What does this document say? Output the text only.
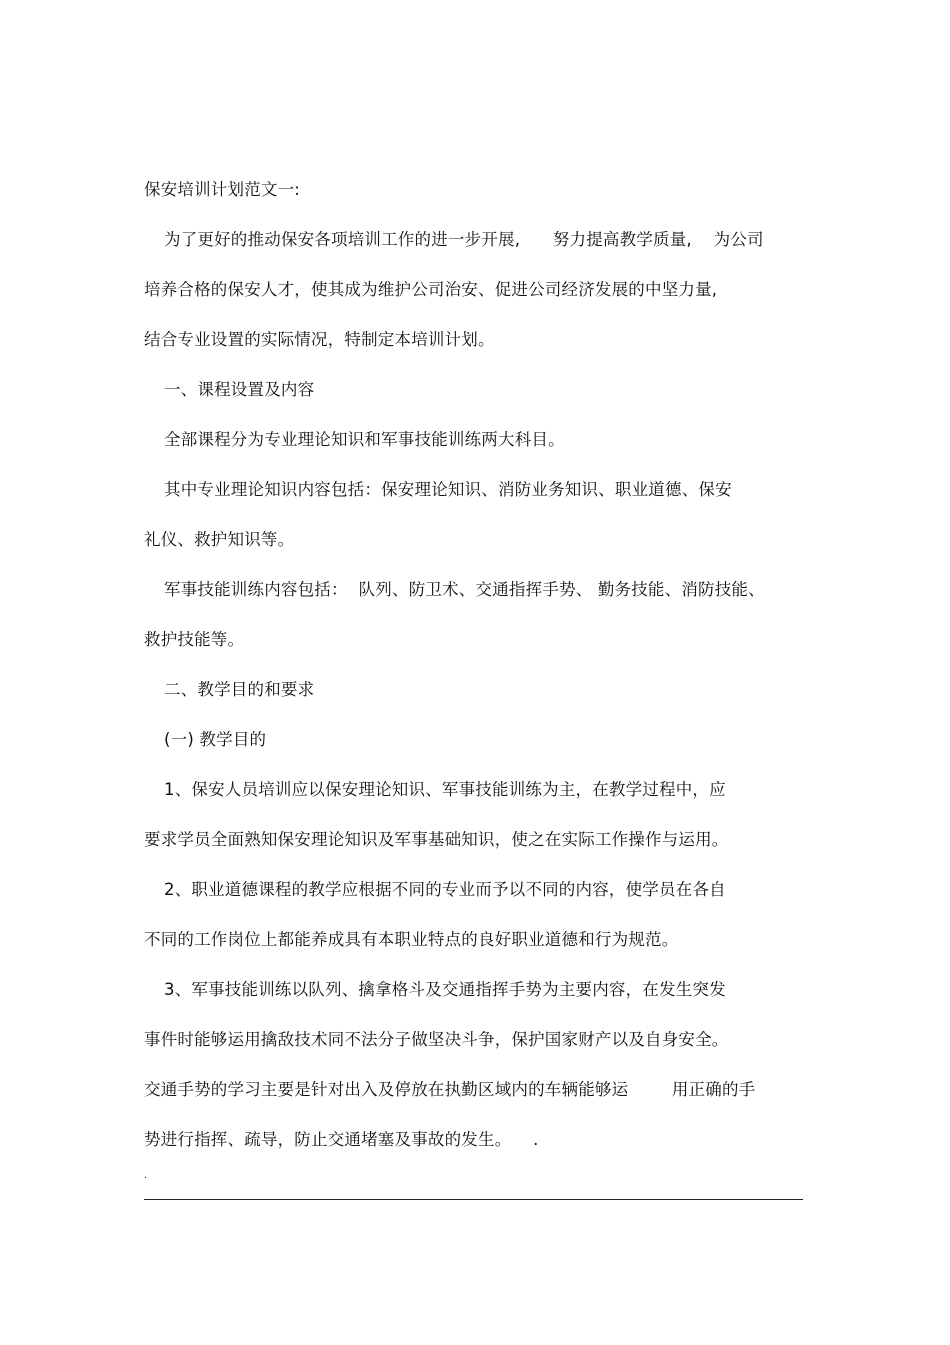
保安培训计划范文一:
为了更好的推动保安各项培训工作的进一步开展,      努力提高教学质量,    为公司
培养合格的保安人才，使其成为维护公司治安、促进公司经济发展的中坚力量,
结合专业设置的实际情况，特制定本培训计划。
一、课程设置及内容
全部课程分为专业理论知识和军事技能训练两大科目。
其中专业理论知识内容包括：保安理论知识、消防业务知识、职业道德、保安
礼仪、救护知识等。
军事技能训练内容包括：  队列、防卫术、交通指挥手势、 勤务技能、消防技能、
救护技能等。
二、教学目的和要求
(一) 教学目的
1、保安人员培训应以保安理论知识、军事技能训练为主，在教学过程中，应
要求学员全面熟知保安理论知识及军事基础知识，使之在实际工作操作与运用。
2、职业道德课程的教学应根据不同的专业而予以不同的内容，使学员在各自
不同的工作岗位上都能养成具有本职业特点的良好职业道德和行为规范。
3、军事技能训练以队列、擒拿格斗及交通指挥手势为主要内容，在发生突发
事件时能够运用擒敌技术同不法分子做坚决斗争，保护国家财产以及自身安全。
交通手势的学习主要是针对出入及停放在执勤区域内的车辆能够运        用正确的手
势进行指挥、疏导，防止交通堵塞及事故的发生。    .
.
